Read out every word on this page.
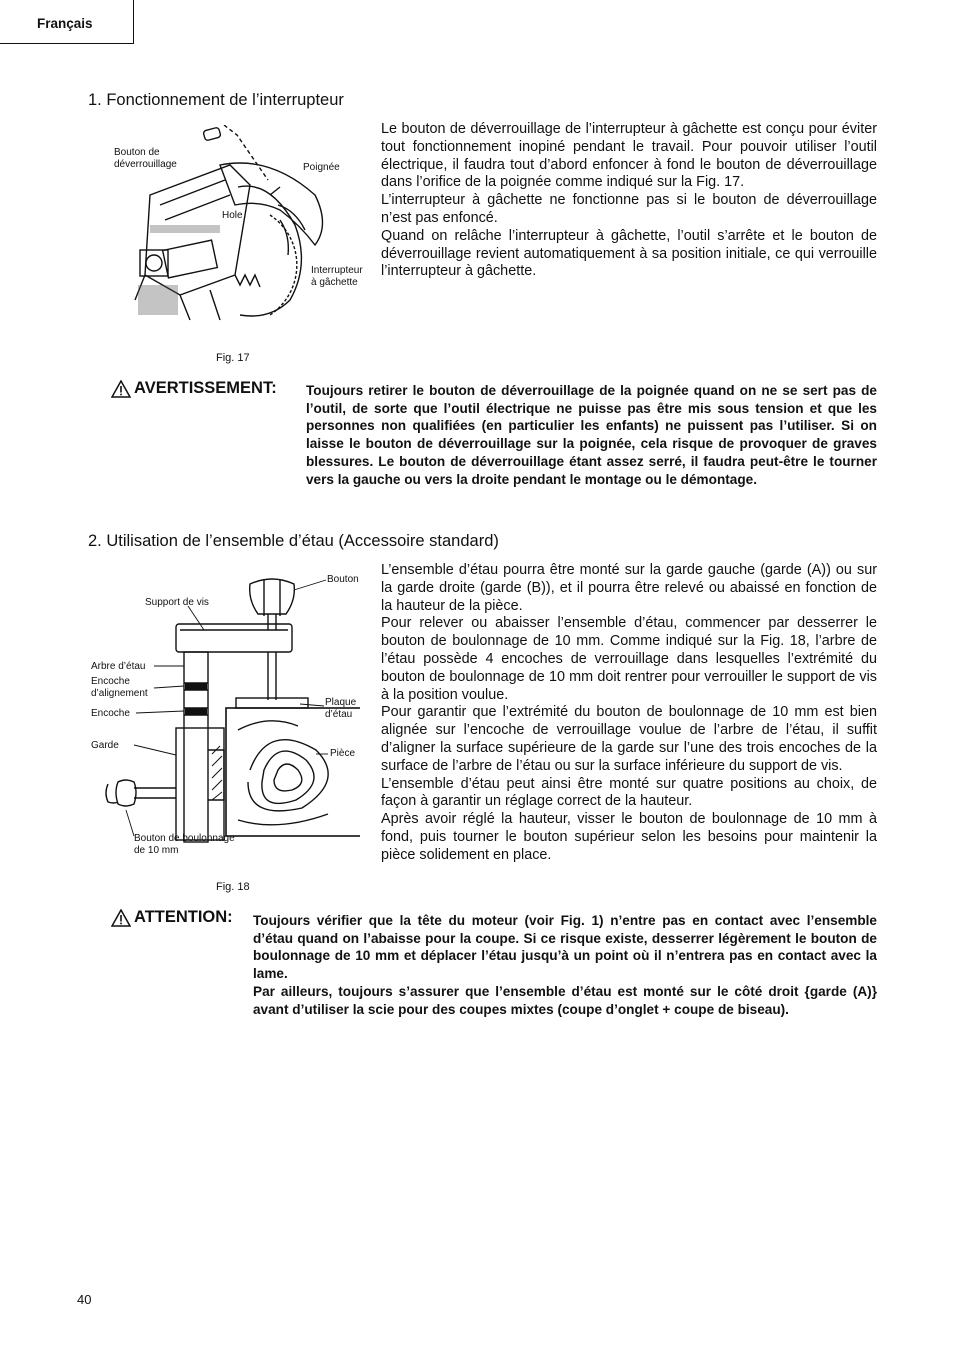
Français
1. Fonctionnement de l’interrupteur
Bouton de
déverrouillage	Poignée
Hole
Interrupteur
à gâchette
Fig. 17

Le bouton de déverrouillage de l’interrupteur à gâchette est conçu pour éviter tout fonctionnement inopiné pendant le travail. Pour pouvoir utiliser l’outil électrique, il faudra tout d’abord enfoncer à fond le bouton de déverrouillage dans l’orifice de la poignée comme indiqué sur la Fig. 17.

L’interrupteur à gâchette ne fonctionne pas si le bouton de déverrouillage n’est pas enfoncé.

Quand on relâche l’interrupteur à gâchette, l’outil s’arrête et le bouton de déverrouillage revient automatiquement à sa position initiale, ce qui verrouille l’interrupteur à gâchette.

AVERTISSEMENT: Toujours retirer le bouton de déverrouillage de la poignée quand on ne se sert pas de l’outil, de sorte que l’outil électrique ne puisse pas être mis sous tension et que les personnes non qualifiées (en particulier les enfants) ne puissent pas l’utiliser. Si on laisse le bouton de déverrouillage sur la poignée, cela risque de provoquer de graves blessures. Le bouton de déverrouillage étant assez serré, il faudra peut-être le tourner vers la gauche ou vers la droite pendant le montage ou le démontage.

2. Utilisation de l’ensemble d’étau (Accessoire standard)
Bouton
Support de vis
Arbre d’étau
Encoche
d’alignement
Encoche
Garde
Plaque
d’étau
Pièce
Bouton de boulonnage
de 10 mm
Fig. 18

L’ensemble d’étau pourra être monté sur la garde gauche (garde (A)) ou sur la garde droite (garde (B)), et il pourra être relevé ou abaissé en fonction de la hauteur de la pièce.

Pour relever ou abaisser l’ensemble d’étau, commencer par desserrer le bouton de boulonnage de 10 mm. Comme indiqué sur la Fig. 18, l’arbre de l’étau possède 4 encoches de verrouillage dans lesquelles l’extrémité du bouton de boulonnage de 10 mm doit rentrer pour verrouiller le support de vis à la position voulue.

Pour garantir que l’extrémité du bouton de boulonnage de 10 mm est bien alignée sur l’encoche de verrouillage voulue de l’arbre de l’étau, il suffit d’aligner la surface supérieure de la garde sur l’une des trois encoches de la surface de l’arbre de l’étau ou sur la surface inférieure du support de vis.

L’ensemble d’étau peut ainsi être monté sur quatre positions au choix, de façon à garantir un réglage correct de la hauteur.

Après avoir réglé la hauteur, visser le bouton de boulonnage de 10 mm à fond, puis tourner le bouton supérieur selon les besoins pour maintenir la pièce solidement en place.

ATTENTION: Toujours vérifier que la tête du moteur (voir Fig. 1) n’entre pas en contact avec l’ensemble d’étau quand on l’abaisse pour la coupe. Si ce risque existe, desserrer légèrement le bouton de boulonnage de 10 mm et déplacer l’étau jusqu’à un point où il n’entrera pas en contact avec la lame.

Par ailleurs, toujours s’assurer que l’ensemble d’étau est monté sur le côté droit {garde (A)} avant d’utiliser la scie pour des coupes mixtes (coupe d’onglet + coupe de biseau).

40
